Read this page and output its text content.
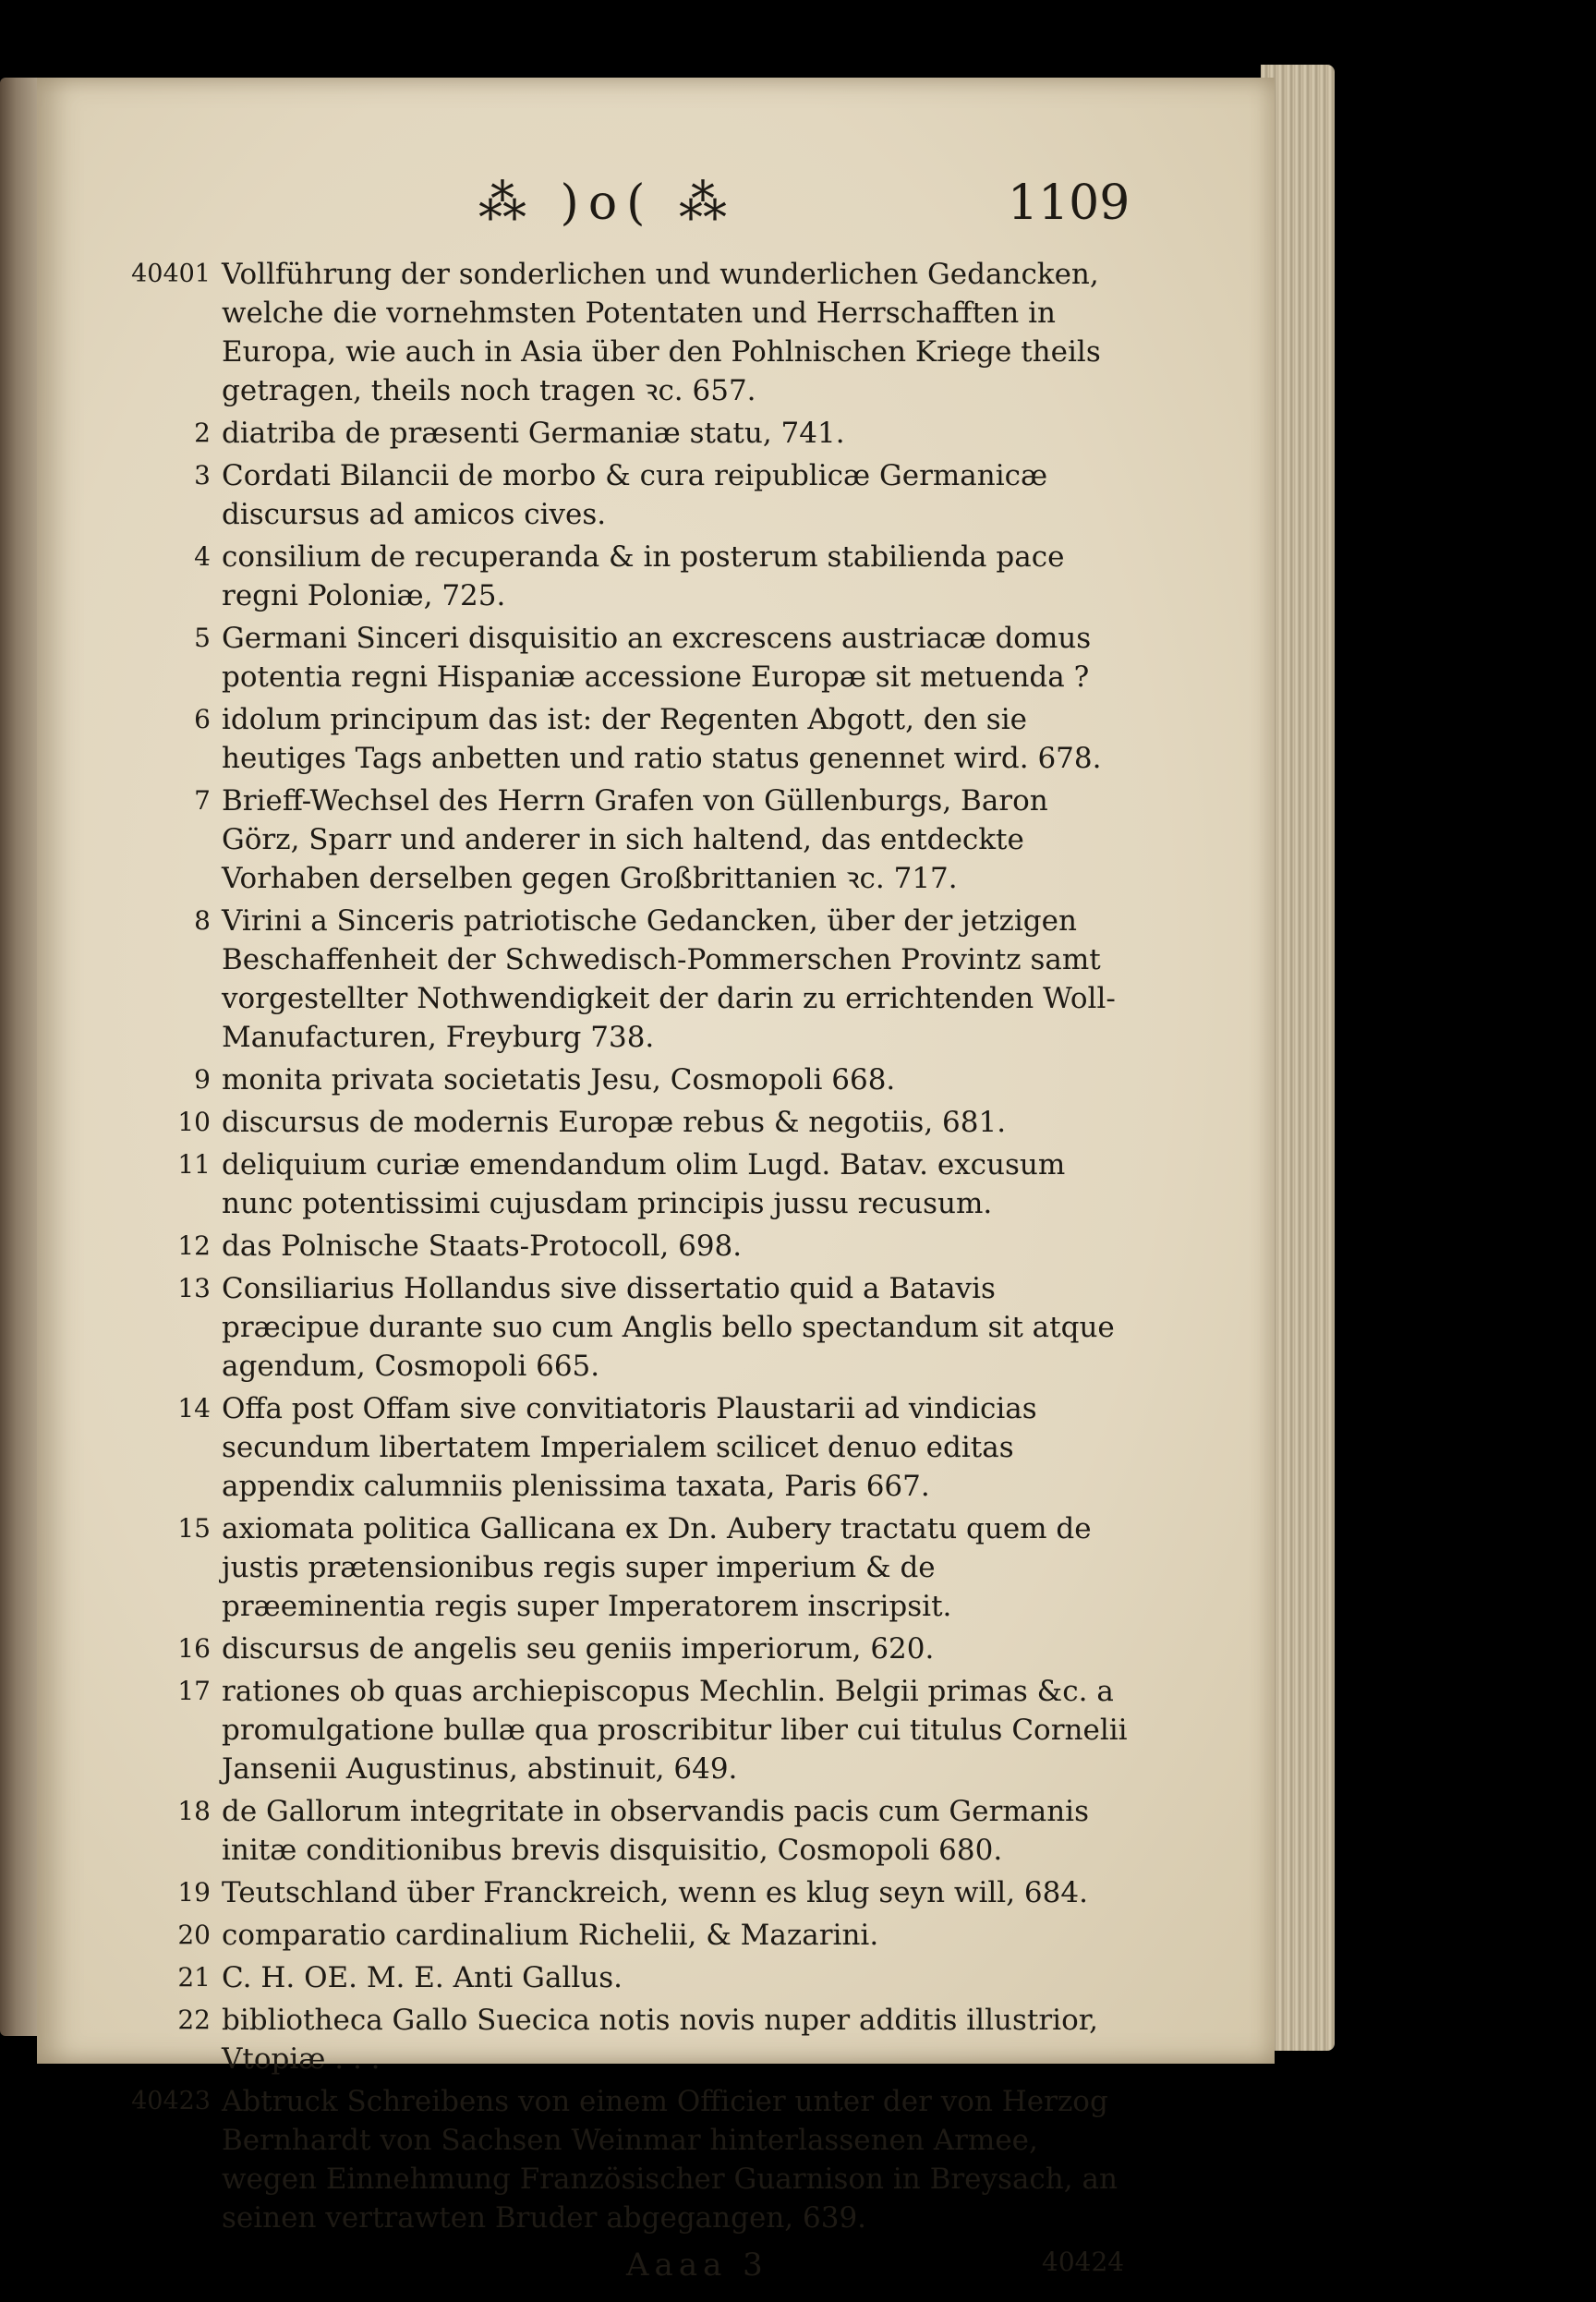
⁂ )o( ⁂	1109
40401 Vollführung der sonderlichen und wunderlichen Gedancken, welche die vornehmsten Potentaten und Herrschafften in Europa, wie auch in Asia über den Pohlnischen Kriege theils getragen, theils noch tragen ꝛc. 657.
2 diatriba de præsenti Germaniæ statu, 741.
3 Cordati Bilancii de morbo & cura reipublicæ Germanicæ discursus ad amicos cives.
4 consilium de recuperanda & in posterum stabilienda pace regni Poloniæ, 725.
5 Germani Sinceri disquisitio an excrescens austriacæ domus potentia regni Hispaniæ accessione Europæ sit metuenda ?
6 idolum principum das ist: der Regenten Abgott, den sie heutiges Tags anbetten und ratio status genennet wird. 678.
7 Brieff-Wechsel des Herrn Grafen von Güllenburgs, Baron Görz, Sparr und anderer in sich haltend, das entdeckte Vorhaben derselben gegen Großbrittanien ꝛc. 717.
8 Virini a Sinceris patriotische Gedancken, über der jetzigen Beschaffenheit der Schwedisch-Pommerschen Provintz samt vorgestellter Nothwendigkeit der darin zu errichtenden Woll-Manufacturen, Freyburg 738.
9 monita privata societatis Jesu, Cosmopoli 668.
10 discursus de modernis Europæ rebus & negotiis, 681.
11 deliquium curiæ emendandum olim Lugd. Batav. excusum nunc potentissimi cujusdam principis jussu recusum.
12 das Polnische Staats-Protocoll, 698.
13 Consiliarius Hollandus sive dissertatio quid a Batavis præcipue durante suo cum Anglis bello spectandum sit atque agendum, Cosmopoli 665.
14 Offa post Offam sive convitiatoris Plaustarii ad vindicias secundum libertatem Imperialem scilicet denuo editas appendix calumniis plenissima taxata, Paris 667.
15 axiomata politica Gallicana ex Dn. Aubery tractatu quem de justis prætensionibus regis super imperium & de præeminentia regis super Imperatorem inscripsit.
16 discursus de angelis seu geniis imperiorum, 620.
17 rationes ob quas archiepiscopus Mechlin. Belgii primas &c. a promulgatione bullæ qua proscribitur liber cui titulus Cornelii Jansenii Augustinus, abstinuit, 649.
18 de Gallorum integritate in observandis pacis cum Germanis initæ conditionibus brevis disquisitio, Cosmopoli 680.
19 Teutschland über Franckreich, wenn es klug seyn will, 684.
20 comparatio cardinalium Richelii, & Mazarini.
21 C. H. OE. M. E. Anti Gallus.
22 bibliotheca Gallo Suecica notis novis nuper additis illustrior, Vtopiæ . . .
40423 Abtruck Schreibens von einem Officier unter der von Herzog Bernhardt von Sachsen Weinmar hinterlassenen Armee, wegen Einnehmung Französischer Guarnison in Breysach, an seinen vertrawten Bruder abgegangen, 639.
Aaaa 3	40424
